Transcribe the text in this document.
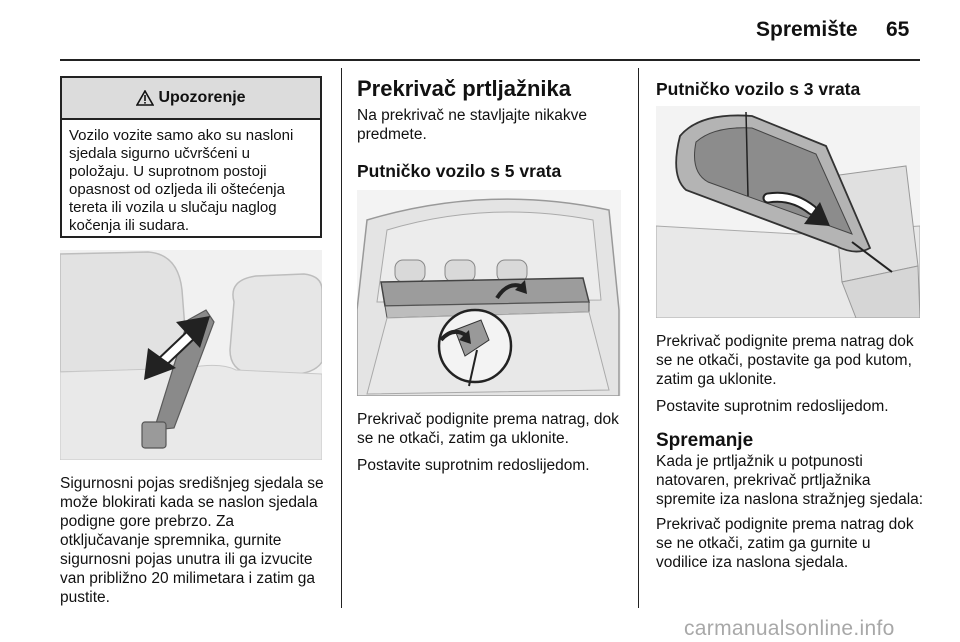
Spremište 65
Upozorenje
Vozilo vozite samo ako su nasloni sjedala sigurno učvršćeni u položaju. U suprotnom postoji opasnost od ozljeda ili oštećenja tereta ili vozila u slučaju naglog kočenja ili sudara.

Sigurnosni pojas središnjeg sjedala se može blokirati kada se naslon sjedala podigne gore prebrzo. Za otključavanje spremnika, gurnite sigurnosni pojas unutra ili ga izvucite van približno 20 milimetara i zatim ga pustite.

Prekrivač prtljažnika

Na prekrivač ne stavljajte nikakve predmete.

Putničko vozilo s 5 vrata

Prekrivač podignite prema natrag, dok se ne otkači, zatim ga uklonite.

Postavite suprotnim redoslijedom.

Putničko vozilo s 3 vrata

Prekrivač podignite prema natrag dok se ne otkači, postavite ga pod kutom, zatim ga uklonite.

Postavite suprotnim redoslijedom.

Spremanje

Kada je prtljažnik u potpunosti natovaren, prekrivač prtljažnika spremite iza naslona stražnjeg sjedala:

Prekrivač podignite prema natrag dok se ne otkači, zatim ga gurnite u vodilice iza naslona sjedala.

carmanualsonline.info
